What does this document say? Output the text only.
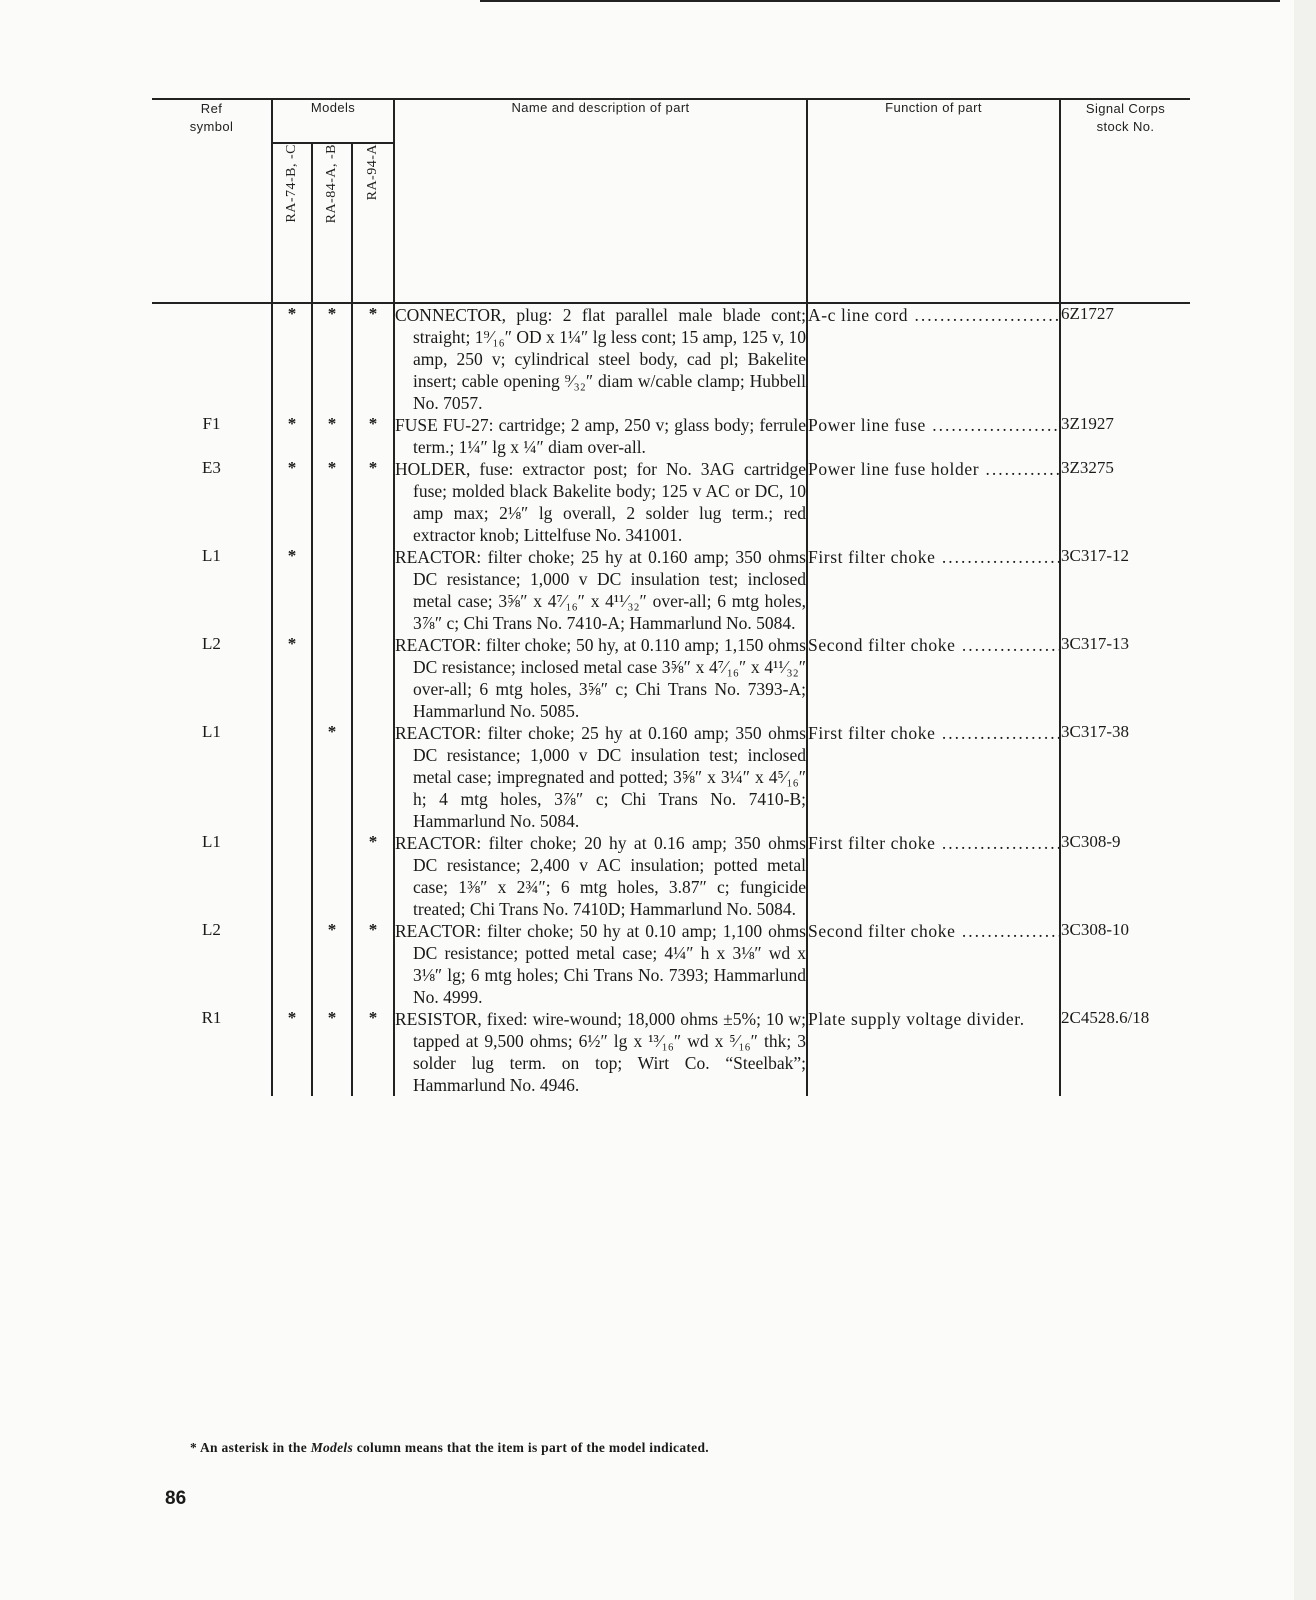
Ref
symbol	Models			Name and description of part	Function of part	Signal Corps
stock No.

	RA-74-B, -C	RA-84-A, -B	RA-94-A			

	*	*	*	CONNECTOR, plug: 2 flat parallel male blade cont; straight; 1⁹⁄₁₆″ OD x 1¼″ lg less cont; 15 amp, 125 v, 10 amp, 250 v; cylindrical steel body, cad pl; Bakelite insert; cable opening ⁹⁄₃₂″ diam w/cable clamp; Hubbell No. 7057.	A-c line cord .....	6Z1727
F1	*	*	*	FUSE FU-27: cartridge; 2 amp, 250 v; glass body; ferrule term.; 1¼″ lg x ¼″ diam over-all.	Power line fuse .....	3Z1927
E3	*	*	*	HOLDER, fuse: extractor post; for No. 3AG cartridge fuse; molded black Bakelite body; 125 v AC or DC, 10 amp max; 2⅛″ lg overall, 2 solder lug term.; red extractor knob; Littelfuse No. 341001.	Power line fuse holder .....	3Z3275
L1	*			REACTOR: filter choke; 25 hy at 0.160 amp; 350 ohms DC resistance; 1,000 v DC insulation test; inclosed metal case; 3⅝″ x 4⁷⁄₁₆″ x 4¹¹⁄₃₂″ over-all; 6 mtg holes, 3⅞″ c; Chi Trans No. 7410-A; Hammarlund No. 5084.	First filter choke .....	3C317-12
L2	*			REACTOR: filter choke; 50 hy, at 0.110 amp; 1,150 ohms DC resistance; inclosed metal case 3⅝″ x 4⁷⁄₁₆″ x 4¹¹⁄₃₂″ over-all; 6 mtg holes, 3⅝″ c; Chi Trans No. 7393-A; Hammarlund No. 5085.	Second filter choke .....	3C317-13
L1		*		REACTOR: filter choke; 25 hy at 0.160 amp; 350 ohms DC resistance; 1,000 v DC insulation test; inclosed metal case; impregnated and potted; 3⅝″ x 3¼″ x 4⁵⁄₁₆″ h; 4 mtg holes, 3⅞″ c; Chi Trans No. 7410-B; Hammarlund No. 5084.	First filter choke .....	3C317-38
L1			*	REACTOR: filter choke; 20 hy at 0.16 amp; 350 ohms DC resistance; 2,400 v AC insulation; potted metal case; 1⅜″ x 2¾″; 6 mtg holes, 3.87″ c; fungicide treated; Chi Trans No. 7410D; Hammarlund No. 5084.	First filter choke .....	3C308-9
L2		*	*	REACTOR: filter choke; 50 hy at 0.10 amp; 1,100 ohms DC resistance; potted metal case; 4¼″ h x 3⅛″ wd x 3⅛″ lg; 6 mtg holes; Chi Trans No. 7393; Hammarlund No. 4999.	Second filter choke .....	3C308-10
R1	*	*	*	RESISTOR, fixed: wire-wound; 18,000 ohms ±5%; 10 w; tapped at 9,500 ohms; 6½″ lg x ¹³⁄₁₆″ wd x ⁵⁄₁₆″ thk; 3 solder lug term. on top; Wirt Co. “Steelbak”; Hammarlund No. 4946.	Plate supply voltage divider.	2C4528.6/18
* An asterisk in the Models column means that the item is part of the model indicated.
86
